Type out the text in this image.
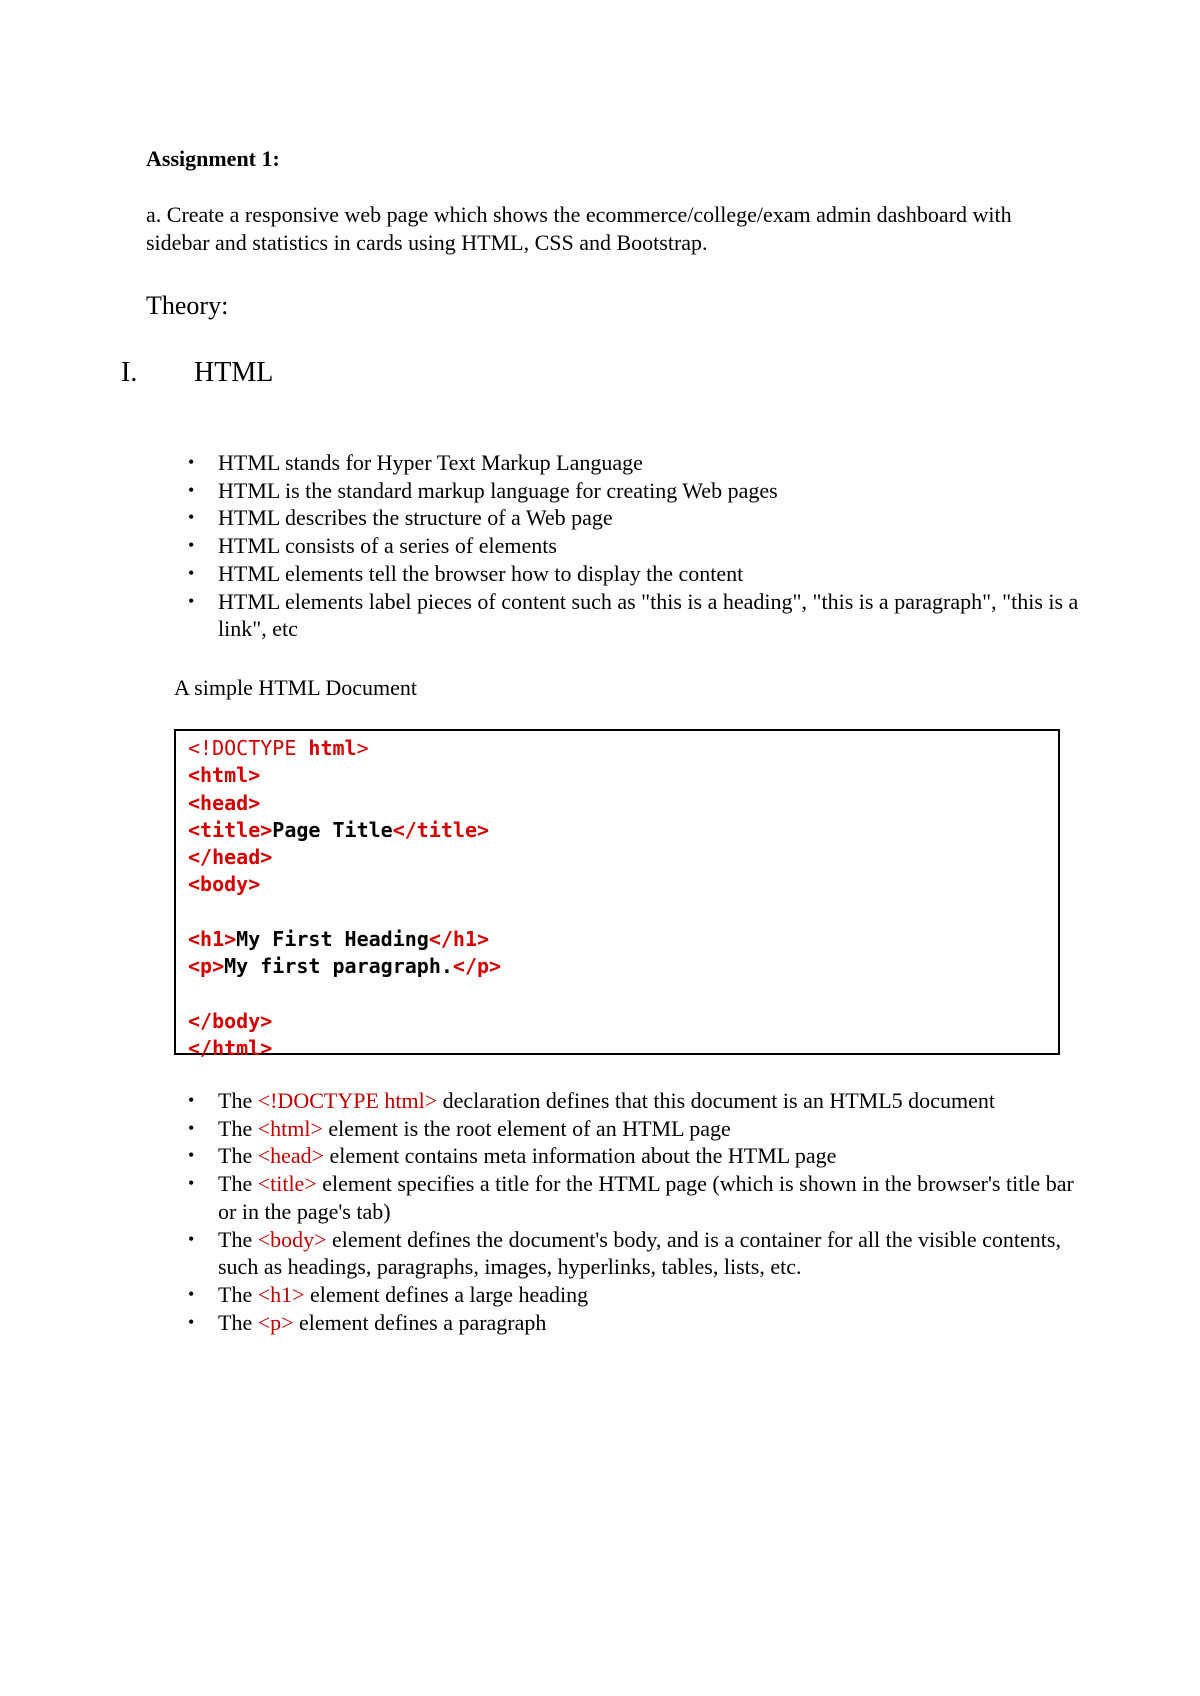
Assignment 1:
a. Create a responsive web page which shows the ecommerce/college/exam admin dashboard with sidebar and statistics in cards using HTML, CSS and Bootstrap.
Theory:
I. HTML
• HTML stands for Hyper Text Markup Language
• HTML is the standard markup language for creating Web pages
• HTML describes the structure of a Web page
• HTML consists of a series of elements
• HTML elements tell the browser how to display the content
• HTML elements label pieces of content such as "this is a heading", "this is a paragraph", "this is a link", etc
A simple HTML Document
<!DOCTYPE html>
<html>
<head>
<title>Page Title</title>
</head>
<body>
<h1>My First Heading</h1>
<p>My first paragraph.</p>
</body>
</html>
• The <!DOCTYPE html> declaration defines that this document is an HTML5 document
• The <html> element is the root element of an HTML page
• The <head> element contains meta information about the HTML page
• The <title> element specifies a title for the HTML page (which is shown in the browser's title bar or in the page's tab)
• The <body> element defines the document's body, and is a container for all the visible contents, such as headings, paragraphs, images, hyperlinks, tables, lists, etc.
• The <h1> element defines a large heading
• The <p> element defines a paragraph
